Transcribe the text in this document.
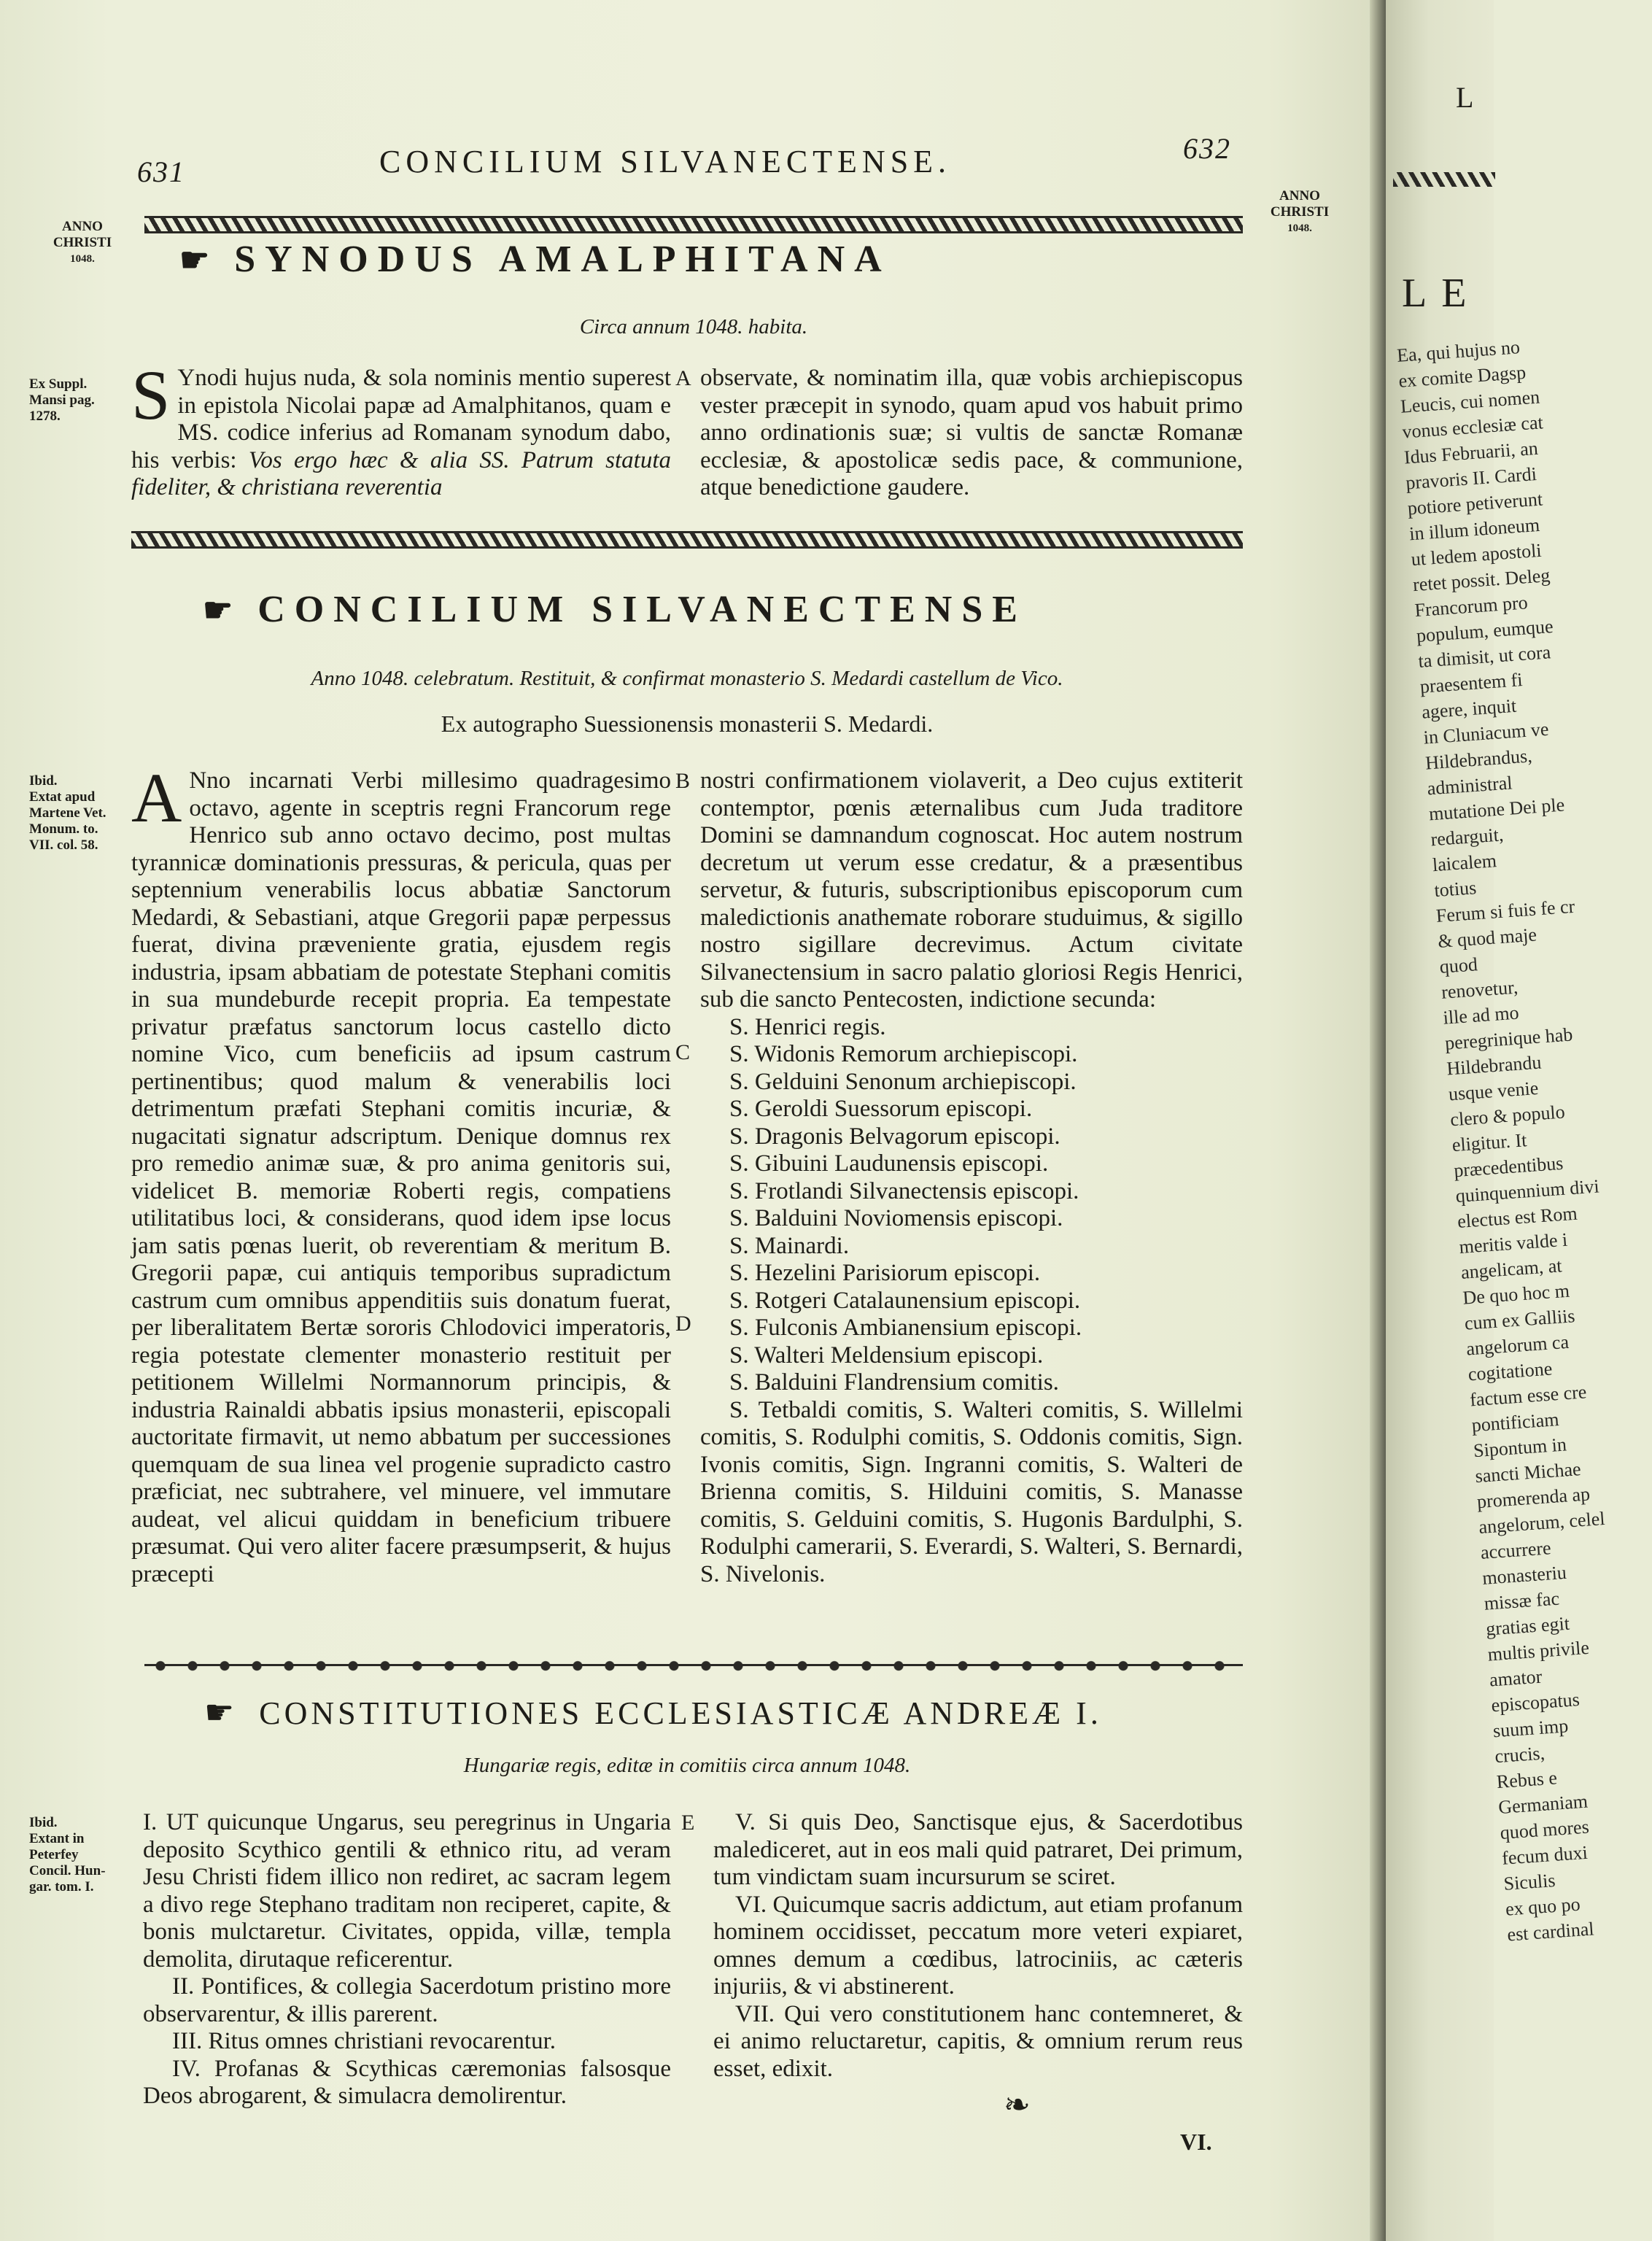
631	CONCILIUM SILVANECTENSE.	632
ANNO
CHRISTI
1048.
ANNO
CHRISTI
1048.
☛ SYNODUS AMALPHITANA
Circa annum 1048. habita.
Ex Suppl.
Mansi pag.
1278.	S Ynodi hujus nuda, & sola nominis mentio superest in epistola Nicolai papæ ad Amalphitanos, quam e MS. codice inferius ad Romanam synodum dabo, his verbis: Vos ergo hæc & alia SS. Patrum statuta fideliter, & christiana reverentia
A observate, & nominatim illa, quæ vobis archiepiscopus vester præcepit in synodo, quam apud vos habuit primo anno ordinationis suæ; si vultis de sanctæ Romanæ ecclesiæ, & apostolicæ sedis pace, & communione, atque benedictione gaudere.
☛ CONCILIUM SILVANECTENSE
Anno 1048. celebratum. Restituit, & confirmat monasterio S. Medardi castellum de Vico.
Ex autographo Suessionensis monasterii S. Medardi.
Ibid.
Extat apud
Martene Vet.
Monum. to.
VII. col. 58.
A Nno incarnati Verbi millesimo quadragesimo octavo, agente in sceptris regni Francorum rege Henrico sub anno octavo decimo, post multas tyrannicæ dominationis pressuras, & pericula, quas per septennium venerabilis locus abbatiæ Sanctorum Medardi, & Sebastiani, atque Gregorii papæ perpessus fuerat, divina præveniente gratia, ejusdem regis industria, ipsam abbatiam de potestate Stephani comitis in sua mundeburde recepit propria. Ea tempestate privatur præfatus sanctorum locus castello dicto nomine Vico, cum beneficiis ad ipsum castrum pertinentibus; quod malum & venerabilis loci detrimentum præfati Stephani comitis incuriæ, & nugacitati signatur adscriptum. Denique domnus rex pro remedio animæ suæ, & pro anima genitoris sui, videlicet B. memoriæ Roberti regis, compatiens utilitatibus loci, & considerans, quod idem ipse locus jam satis pœnas luerit, ob reverentiam & meritum B. Gregorii papæ, cui antiquis temporibus supradictum castrum cum omnibus appenditiis suis donatum fuerat, per liberalitatem Bertæ sororis Chlodovici imperatoris, regia potestate clementer monasterio restituit per petitionem Willelmi Normannorum principis, & industria Rainaldi abbatis ipsius monasterii, episcopali auctoritate firmavit, ut nemo abbatum per successiones quemquam de sua linea vel progenie supradicto castro præficiat, nec subtrahere, vel minuere, vel immutare audeat, vel alicui quiddam in beneficium tribuere præsumat. Qui vero aliter facere præsumpserit, & hujus præcepti
B
C
D

nostri confirmationem violaverit, a Deo cujus extiterit contemptor, pœnis æternalibus cum Juda traditore Domini se damnandum cognoscat. Hoc autem nostrum decretum ut verum esse credatur, & a præsentibus servetur, & futuris, subscriptionibus episcoporum cum maledictionis anathemate roborare studuimus, & sigillo nostro sigillare decrevimus. Actum civitate Silvanectensium in sacro palatio gloriosi Regis Henrici, sub die sancto Pentecosten, indictione secunda:

S. Henrici regis.

S. Widonis Remorum archiepiscopi.

S. Gelduini Senonum archiepiscopi.

S. Geroldi Suessorum episcopi.

S. Dragonis Belvagorum episcopi.

S. Gibuini Laudunensis episcopi.

S. Frotlandi Silvanectensis episcopi.

S. Balduini Noviomensis episcopi.

S. Mainardi.

S. Hezelini Parisiorum episcopi.

S. Rotgeri Catalaunensium episcopi.

S. Fulconis Ambianensium episcopi.

S. Walteri Meldensium episcopi.

S. Balduini Flandrensium comitis.

S. Tetbaldi comitis, S. Walteri comitis, S. Willelmi comitis, S. Rodulphi comitis, S. Oddonis comitis, Sign. Ivonis comitis, Sign. Ingranni comitis, S. Walteri de Brienna comitis, S. Hilduini comitis, S. Manasse comitis, S. Gelduini comitis, S. Hugonis Bardulphi, S. Rodulphi camerarii, S. Everardi, S. Walteri, S. Bernardi, S. Nivelonis.

☛ CONSTITUTIONES ECCLESIASTICÆ ANDREÆ I.
Hungariæ regis, editæ in comitiis circa annum 1048.
Ibid.
Extant in
Peterfey
Concil. Hun-
gar. tom. I.

I. UT quicunque Ungarus, seu peregrinus in Ungaria deposito Scythico gentili & ethnico ritu, ad veram Jesu Christi fidem illico non rediret, ac sacram legem a divo rege Stephano traditam non reciperet, capite, & bonis mulctaretur. Civitates, oppida, villæ, templa demolita, dirutaque reficerentur.

II. Pontifices, & collegia Sacerdotum pristino more observarentur, & illis parerent.

III. Ritus omnes christiani revocarentur.

IV. Profanas & Scythicas cæremonias falsosque Deos abrogarent, & simulacra demolirentur.

E	V. Si quis Deo, Sanctisque ejus, & Sacerdotibus malediceret, aut in eos mali quid patraret, Dei primum, tum vindictam suam incursurum se sciret.

VI. Quicumque sacris addictum, aut etiam profanum hominem occidisset, peccatum more veteri expiaret, omnes demum a cœdibus, latrociniis, ac cæteris injuriis, & vi abstinerent.

VII. Qui vero constitutionem hanc contemneret, & ei animo reluctaretur, capitis, & omnium rerum reus esset, edixit.

❧
VI.
L
LE
Ea, qui hujus no
ex comite Dagsp
Leucis, cui nomen
vonus ecclesiæ cat
Idus Februarii, an
pravoris II. Cardi
potiore petiverunt
in illum idoneum
ut ledem apostoli
retet possit. Deleg
Francorum pro
populum, eumque
ta dimisit, ut cora
praesentem fi
agere, inquit
in Cluniacum ve
Hildebrandus,
administral
mutatione Dei ple
redarguit,
laicalem
totius
Ferum si fuis fe cr
& quod maje
quod
renovetur,
ille ad mo
peregrinique hab
Hildebrandu
usque venie
clero & populo
eligitur. It
præcedentibus
quinquennium divi
electus est Rom
meritis valde i
angelicam, at
De quo hoc m
cum ex Galliis
angelorum ca
cogitatione
factum esse cre
pontificiam
Sipontum in
sancti Michae
promerenda ap
angelorum, celel
accurrere
monasteriu
missæ fac
gratias egit
multis privile
amator
episcopatus
suum imp
crucis,
Rebus e
Germaniam
quod mores
fecum duxi
Siculis
ex quo po
est cardinal
